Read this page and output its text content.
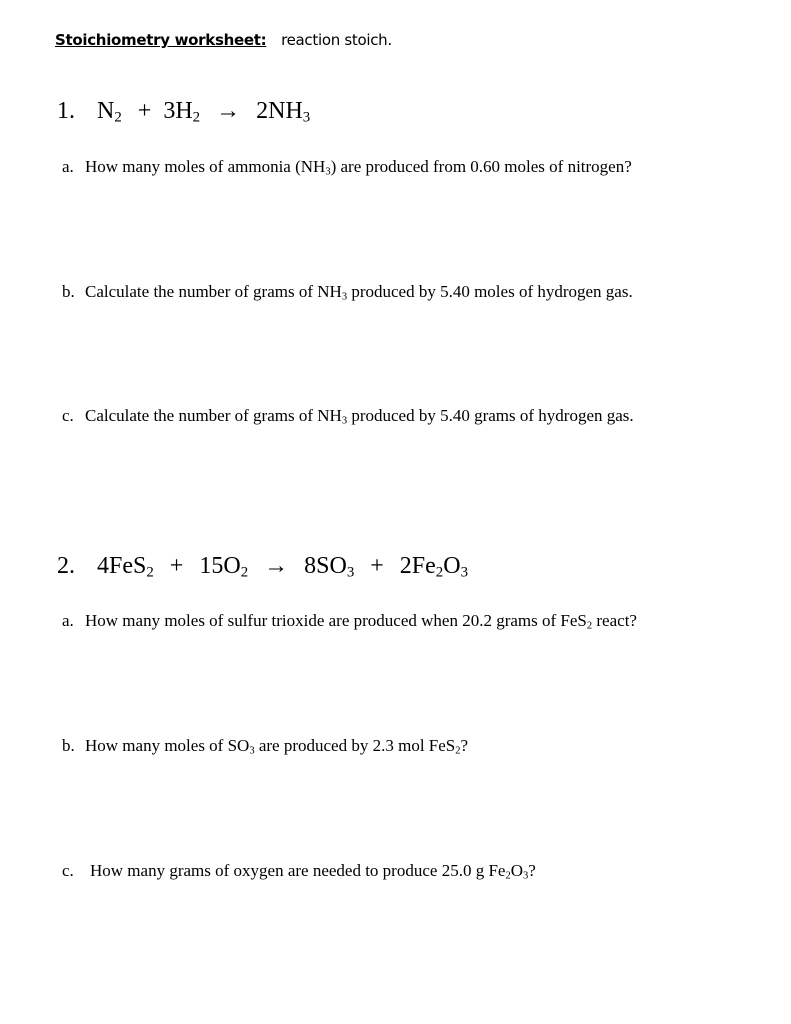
Stoichiometry worksheet: reaction stoich.
1. $N_2 + 3H_2 \to 2NH_3$
a. How many moles of ammonia $(NH_3)$ are produced from 0.60 moles of nitrogen?
b. Calculate the number of grams of $NH_3$ produced by 5.40 moles of hydrogen gas.
c. Calculate the number of grams of $NH_3$ produced by 5.40 grams of hydrogen gas.
2. $4FeS_2 + 15O_2 \to 8SO_3 + 2Fe_2O_3$
a. How many moles of sulfur trioxide are produced when 20.2 grams of FeS$_2$ react?
b. How many moles of $SO_3$ are produced by 2.3 mol FeS$_2$?
c. How many grams of oxygen are needed to produce 25.0 g $Fe_2O_3$?
